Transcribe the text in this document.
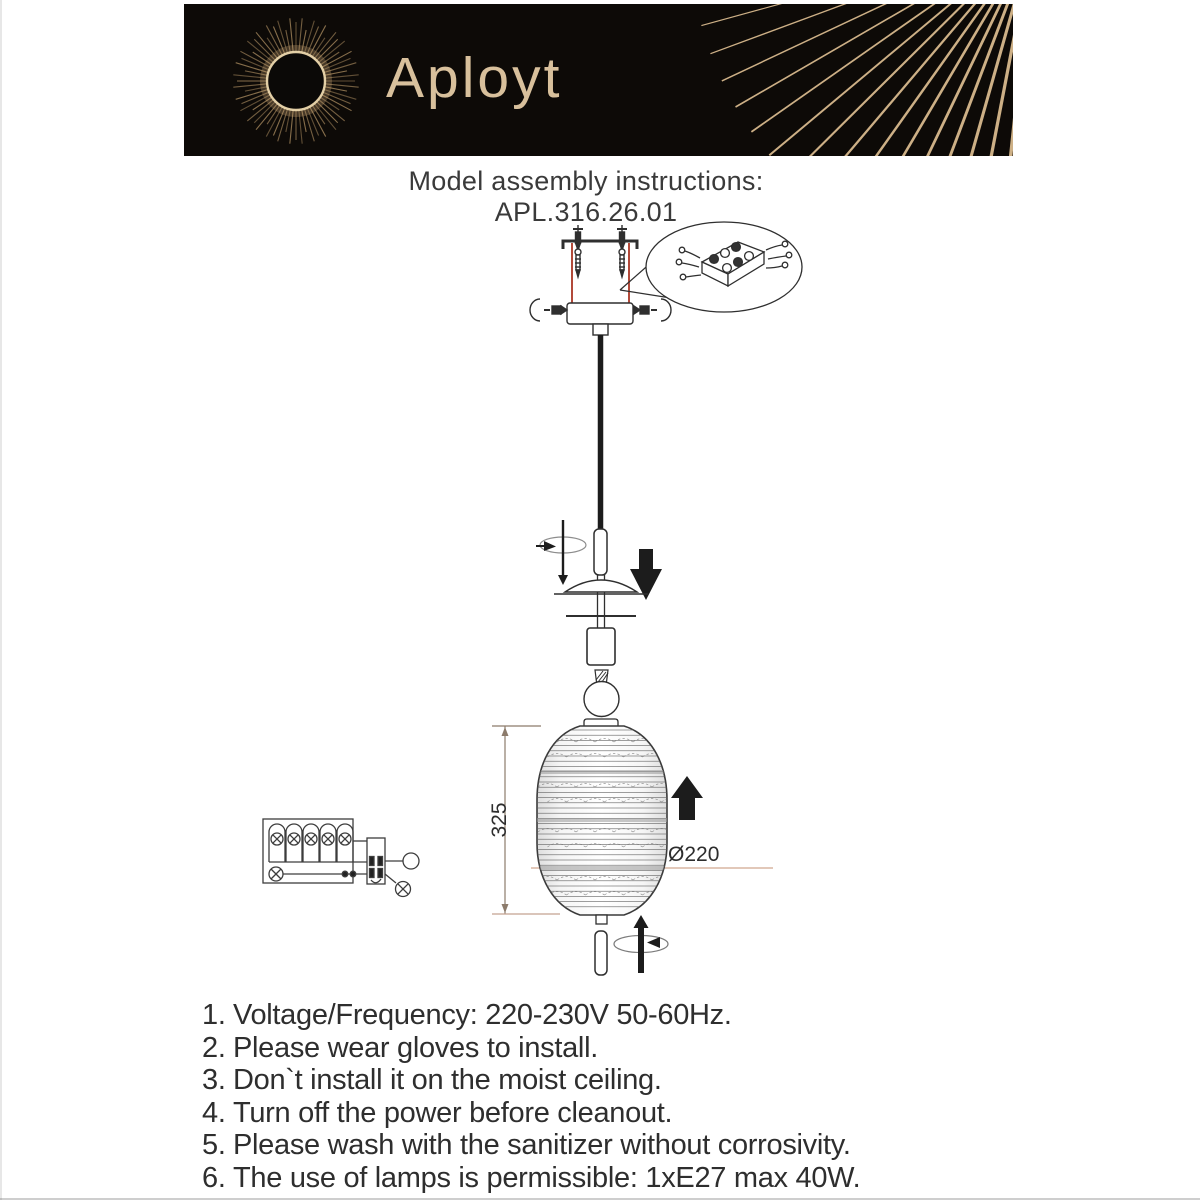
Aployt
Model assembly instructions:
APL.316.26.01
Ø220
325
1. Voltage/Frequency: 220-230V 50-60Hz.
2. Please wear gloves to install.
3. Don`t install it on the moist ceiling.
4. Turn off the power before cleanout.
5. Please wash with the sanitizer without corrosivity.
6. The use of lamps is permissible: 1xE27 max 40W.
